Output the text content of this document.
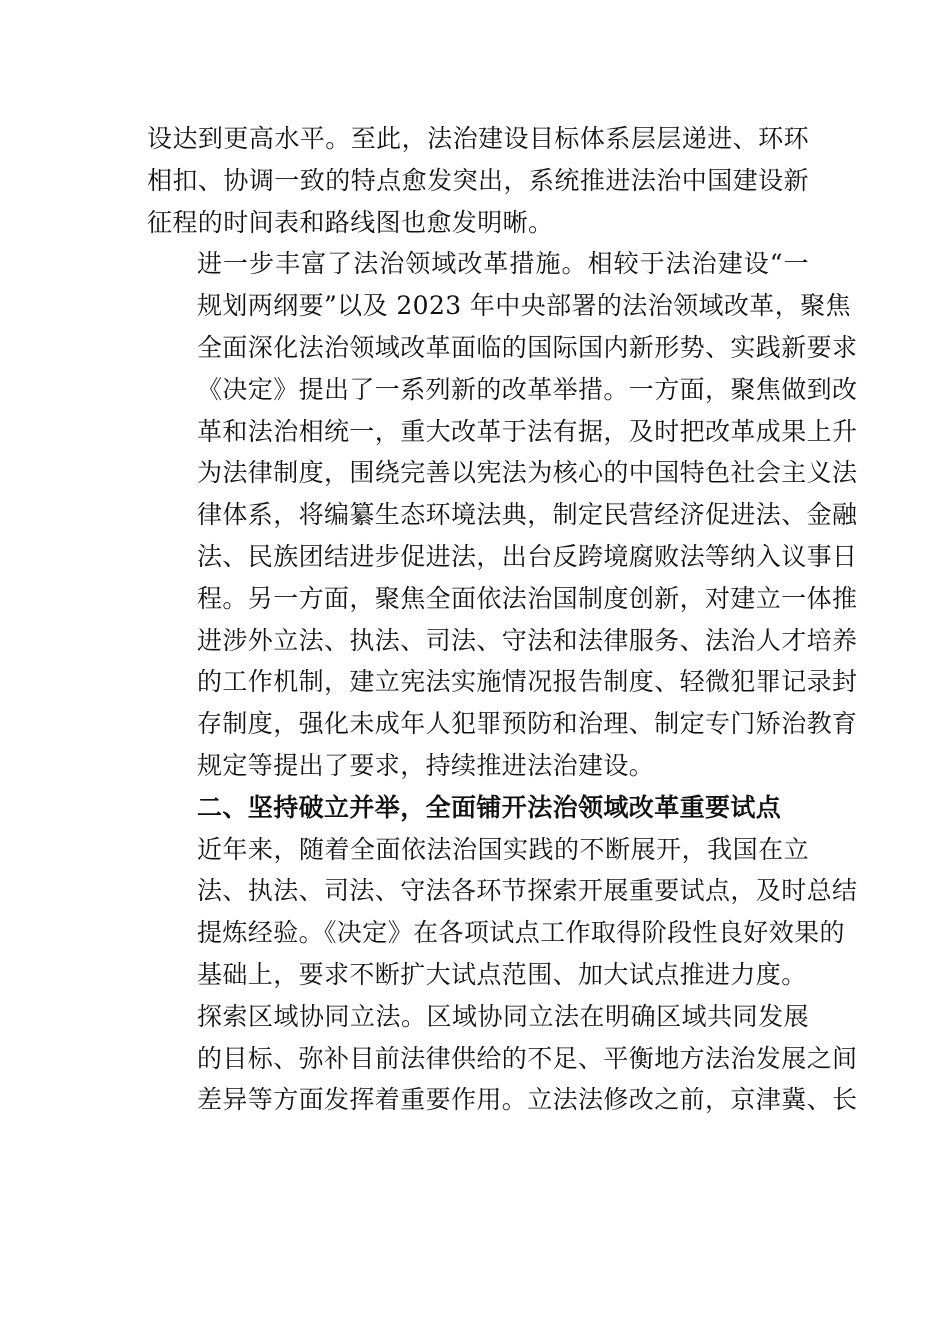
设达到更高水平。至此，法治建设目标体系层层递进、环环
相扣、协调一致的特点愈发突出，系统推进法治中国建设新
征程的时间表和路线图也愈发明晰。

进一步丰富了法治领域改革措施。相较于法治建设“一
规划两纲要”以及 2023 年中央部署的法治领域改革，聚焦
全面深化法治领域改革面临的国际国内新形势、实践新要求
《决定》提出了一系列新的改革举措。一方面，聚焦做到改
革和法治相统一，重大改革于法有据，及时把改革成果上升
为法律制度，围绕完善以宪法为核心的中国特色社会主义法
律体系，将编纂生态环境法典，制定民营经济促进法、金融
法、民族团结进步促进法，出台反跨境腐败法等纳入议事日
程。另一方面，聚焦全面依法治国制度创新，对建立一体推
进涉外立法、执法、司法、守法和法律服务、法治人才培养
的工作机制，建立宪法实施情况报告制度、轻微犯罪记录封
存制度，强化未成年人犯罪预防和治理、制定专门矫治教育
规定等提出了要求，持续推进法治建设。

二、坚持破立并举，全面铺开法治领域改革重要试点

近年来，随着全面依法治国实践的不断展开，我国在立
法、执法、司法、守法各环节探索开展重要试点，及时总结
提炼经验。《决定》在各项试点工作取得阶段性良好效果的
基础上，要求不断扩大试点范围、加大试点推进力度。

探索区域协同立法。区域协同立法在明确区域共同发展
的目标、弥补目前法律供给的不足、平衡地方法治发展之间
差异等方面发挥着重要作用。立法法修改之前，京津冀、长
